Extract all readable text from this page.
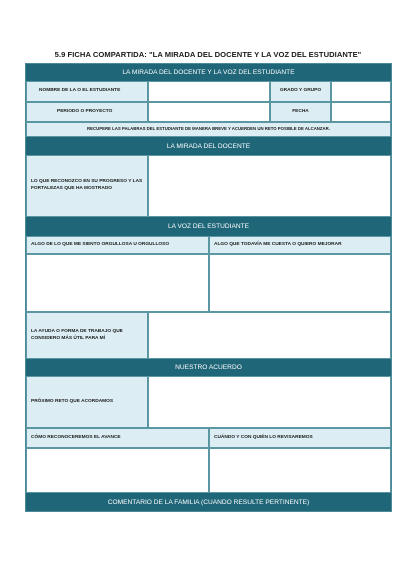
5.9 FICHA COMPARTIDA: "LA MIRADA DEL DOCENTE Y LA VOZ DEL ESTUDIANTE"
LA MIRADA DEL DOCENTE Y LA VOZ DEL ESTUDIANTE
NOMBRE DE LA O EL ESTUDIANTE	GRADO Y GRUPO
PERIODO O PROYECTO	FECHA
RECUPERE LAS PALABRAS DEL ESTUDIANTE DE MANERA BREVE Y ACUERDEN UN RETO POSIBLE DE ALCANZAR.
LA MIRADA DEL DOCENTE
LO QUE RECONOZCO EN SU PROGRESO Y LAS FORTALEZAS QUE HA MOSTRADO
LA VOZ DEL ESTUDIANTE
ALGO DE LO QUE ME SIENTO ORGULLOSA U ORGULLOSO	ALGO QUE TODAVÍA ME CUESTA O QUIERO MEJORAR
LA AYUDA O FORMA DE TRABAJO QUE CONSIDERO MÁS ÚTIL PARA MÍ
NUESTRO ACUERDO
PRÓXIMO RETO QUE ACORDAMOS
CÓMO RECONOCEREMOS EL AVANCE	CUÁNDO Y CON QUIÉN LO REVISAREMOS
COMENTARIO DE LA FAMILIA (CUANDO RESULTE PERTINENTE)
